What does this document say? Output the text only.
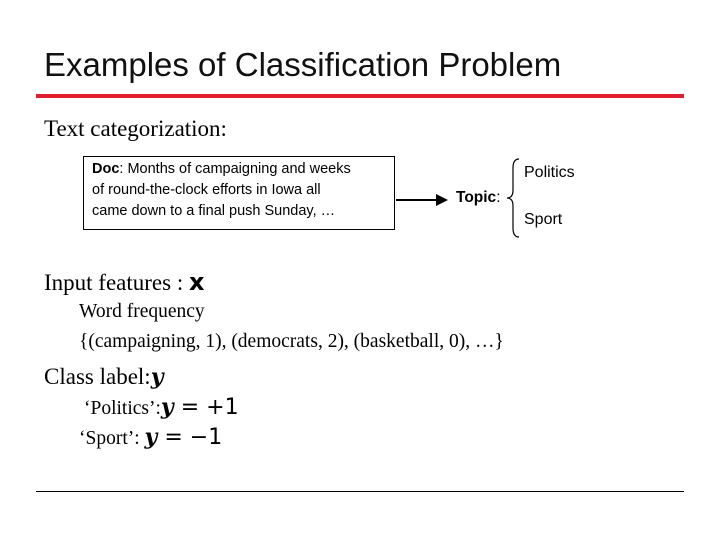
Examples of Classification Problem
Text categorization:
Doc: Months of campaigning and weeks
of round-the-clock efforts in Iowa all
came down to a final push Sunday, …
Topic:
Politics
Sport
Input features : x
Word frequency
{(campaigning, 1), (democrats, 2), (basketball, 0), …}
Class label:y
‘Politics’:y = +1
‘Sport’: y = −1
